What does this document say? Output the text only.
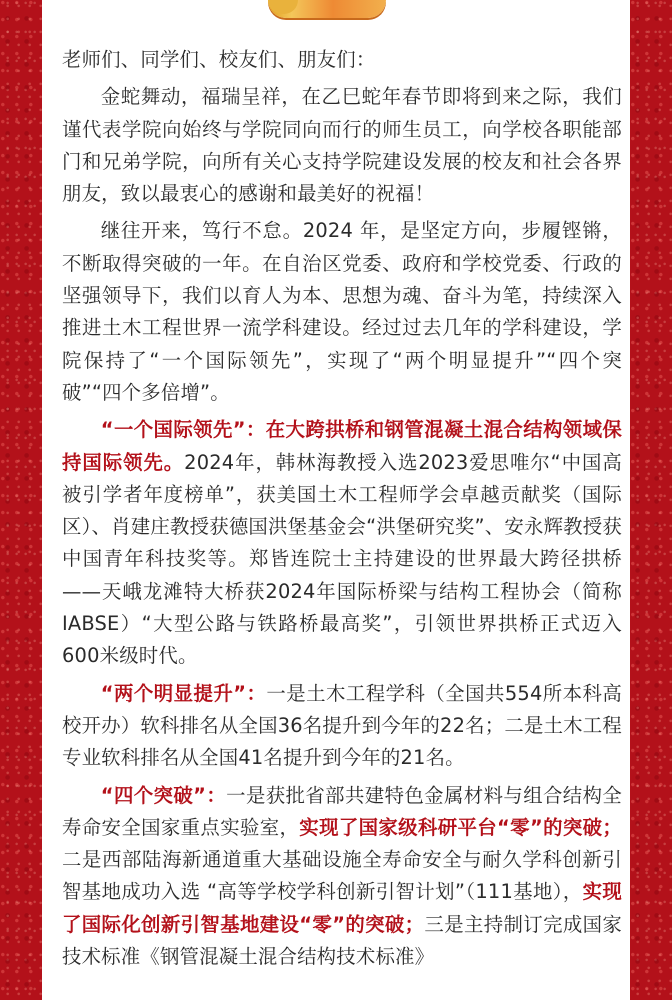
老师们、同学们、校友们、朋友们：

金蛇舞动，福瑞呈祥，在乙巳蛇年春节即将到来之际，我们谨代表学院向始终与学院同向而行的师生员工，向学校各职能部门和兄弟学院，向所有关心支持学院建设发展的校友和社会各界朋友，致以最衷心的感谢和最美好的祝福！

继往开来，笃行不怠。2024 年，是坚定方向，步履铿锵，不断取得突破的一年。在自治区党委、政府和学校党委、行政的坚强领导下，我们以育人为本、思想为魂、奋斗为笔，持续深入推进土木工程世界一流学科建设。经过过去几年的学科建设，学院保持了“一个国际领先”，实现了“两个明显提升”“四个突破”“四个多倍增”。

“一个国际领先”：在大跨拱桥和钢管混凝土混合结构领域保持国际领先。2024年，韩林海教授入选2023爱思唯尔“中国高被引学者年度榜单”，获美国土木工程师学会卓越贡献奖（国际区）、肖建庄教授获德国洪堡基金会“洪堡研究奖”、安永辉教授获中国青年科技奖等。郑皆连院士主持建设的世界最大跨径拱桥——天峨龙滩特大桥获2024年国际桥梁与结构工程协会（简称IABSE）“大型公路与铁路桥最高奖”，引领世界拱桥正式迈入600米级时代。

“两个明显提升”：一是土木工程学科（全国共554所本科高校开办）软科排名从全国36名提升到今年的22名；二是土木工程专业软科排名从全国41名提升到今年的21名。

“四个突破”：一是获批省部共建特色金属材料与组合结构全寿命安全国家重点实验室，实现了国家级科研平台“零”的突破；二是西部陆海新通道重大基础设施全寿命安全与耐久学科创新引智基地成功入选 “高等学校学科创新引智计划”（111基地），实现了国际化创新引智基地建设“零”的突破；三是主持制订完成国家技术标准《钢管混凝土混合结构技术标准》
